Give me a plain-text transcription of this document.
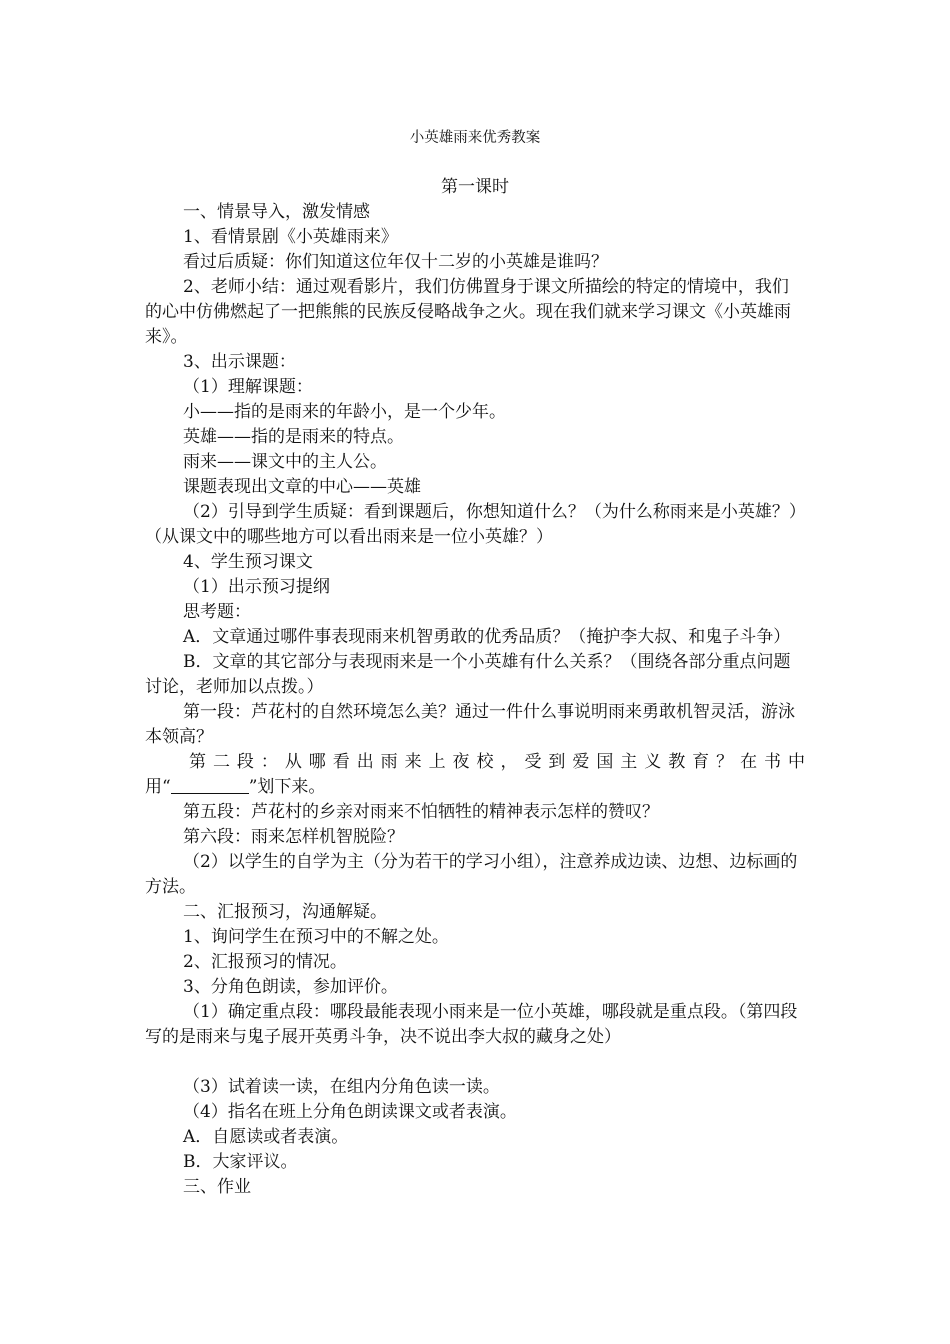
小英雄雨来优秀教案
第一课时

一、情景导入，激发情感

1、看情景剧《小英雄雨来》

看过后质疑：你们知道这位年仅十二岁的小英雄是谁吗？

2、老师小结：通过观看影片，我们仿佛置身于课文所描绘的特定的情境中，我们的心中仿佛燃起了一把熊熊的民族反侵略战争之火。现在我们就来学习课文《小英雄雨来》。

3、出示课题：

（1）理解课题：

小——指的是雨来的年龄小，是一个少年。

英雄——指的是雨来的特点。

雨来——课文中的主人公。

课题表现出文章的中心——英雄

（2）引导到学生质疑：看到课题后，你想知道什么？（为什么称雨来是小英雄？）（从课文中的哪些地方可以看出雨来是一位小英雄？）

4、学生预习课文

（1）出示预习提纲

思考题：

A．文章通过哪件事表现雨来机智勇敢的优秀品质？（掩护李大叔、和鬼子斗争）

B．文章的其它部分与表现雨来是一个小英雄有什么关系？（围绕各部分重点问题讨论，老师加以点拨。）

第一段：芦花村的自然环境怎么美？通过一件什么事说明雨来勇敢机智灵活，游泳本领高？

第二段：从哪看出雨来上夜校，受到爱国主义教育？在书中

用“	”划下来。

第五段：芦花村的乡亲对雨来不怕牺牲的精神表示怎样的赞叹？

第六段：雨来怎样机智脱险？

（2）以学生的自学为主（分为若干的学习小组），注意养成边读、边想、边标画的方法。

二、汇报预习，沟通解疑。

1、询问学生在预习中的不解之处。

2、汇报预习的情况。

3、分角色朗读，参加评价。

（1）确定重点段：哪段最能表现小雨来是一位小英雄，哪段就是重点段。（第四段写的是雨来与鬼子展开英勇斗争，决不说出李大叔的藏身之处）

（3）试着读一读，在组内分角色读一读。

（4）指名在班上分角色朗读课文或者表演。

A．自愿读或者表演。

B．大家评议。

三、作业
